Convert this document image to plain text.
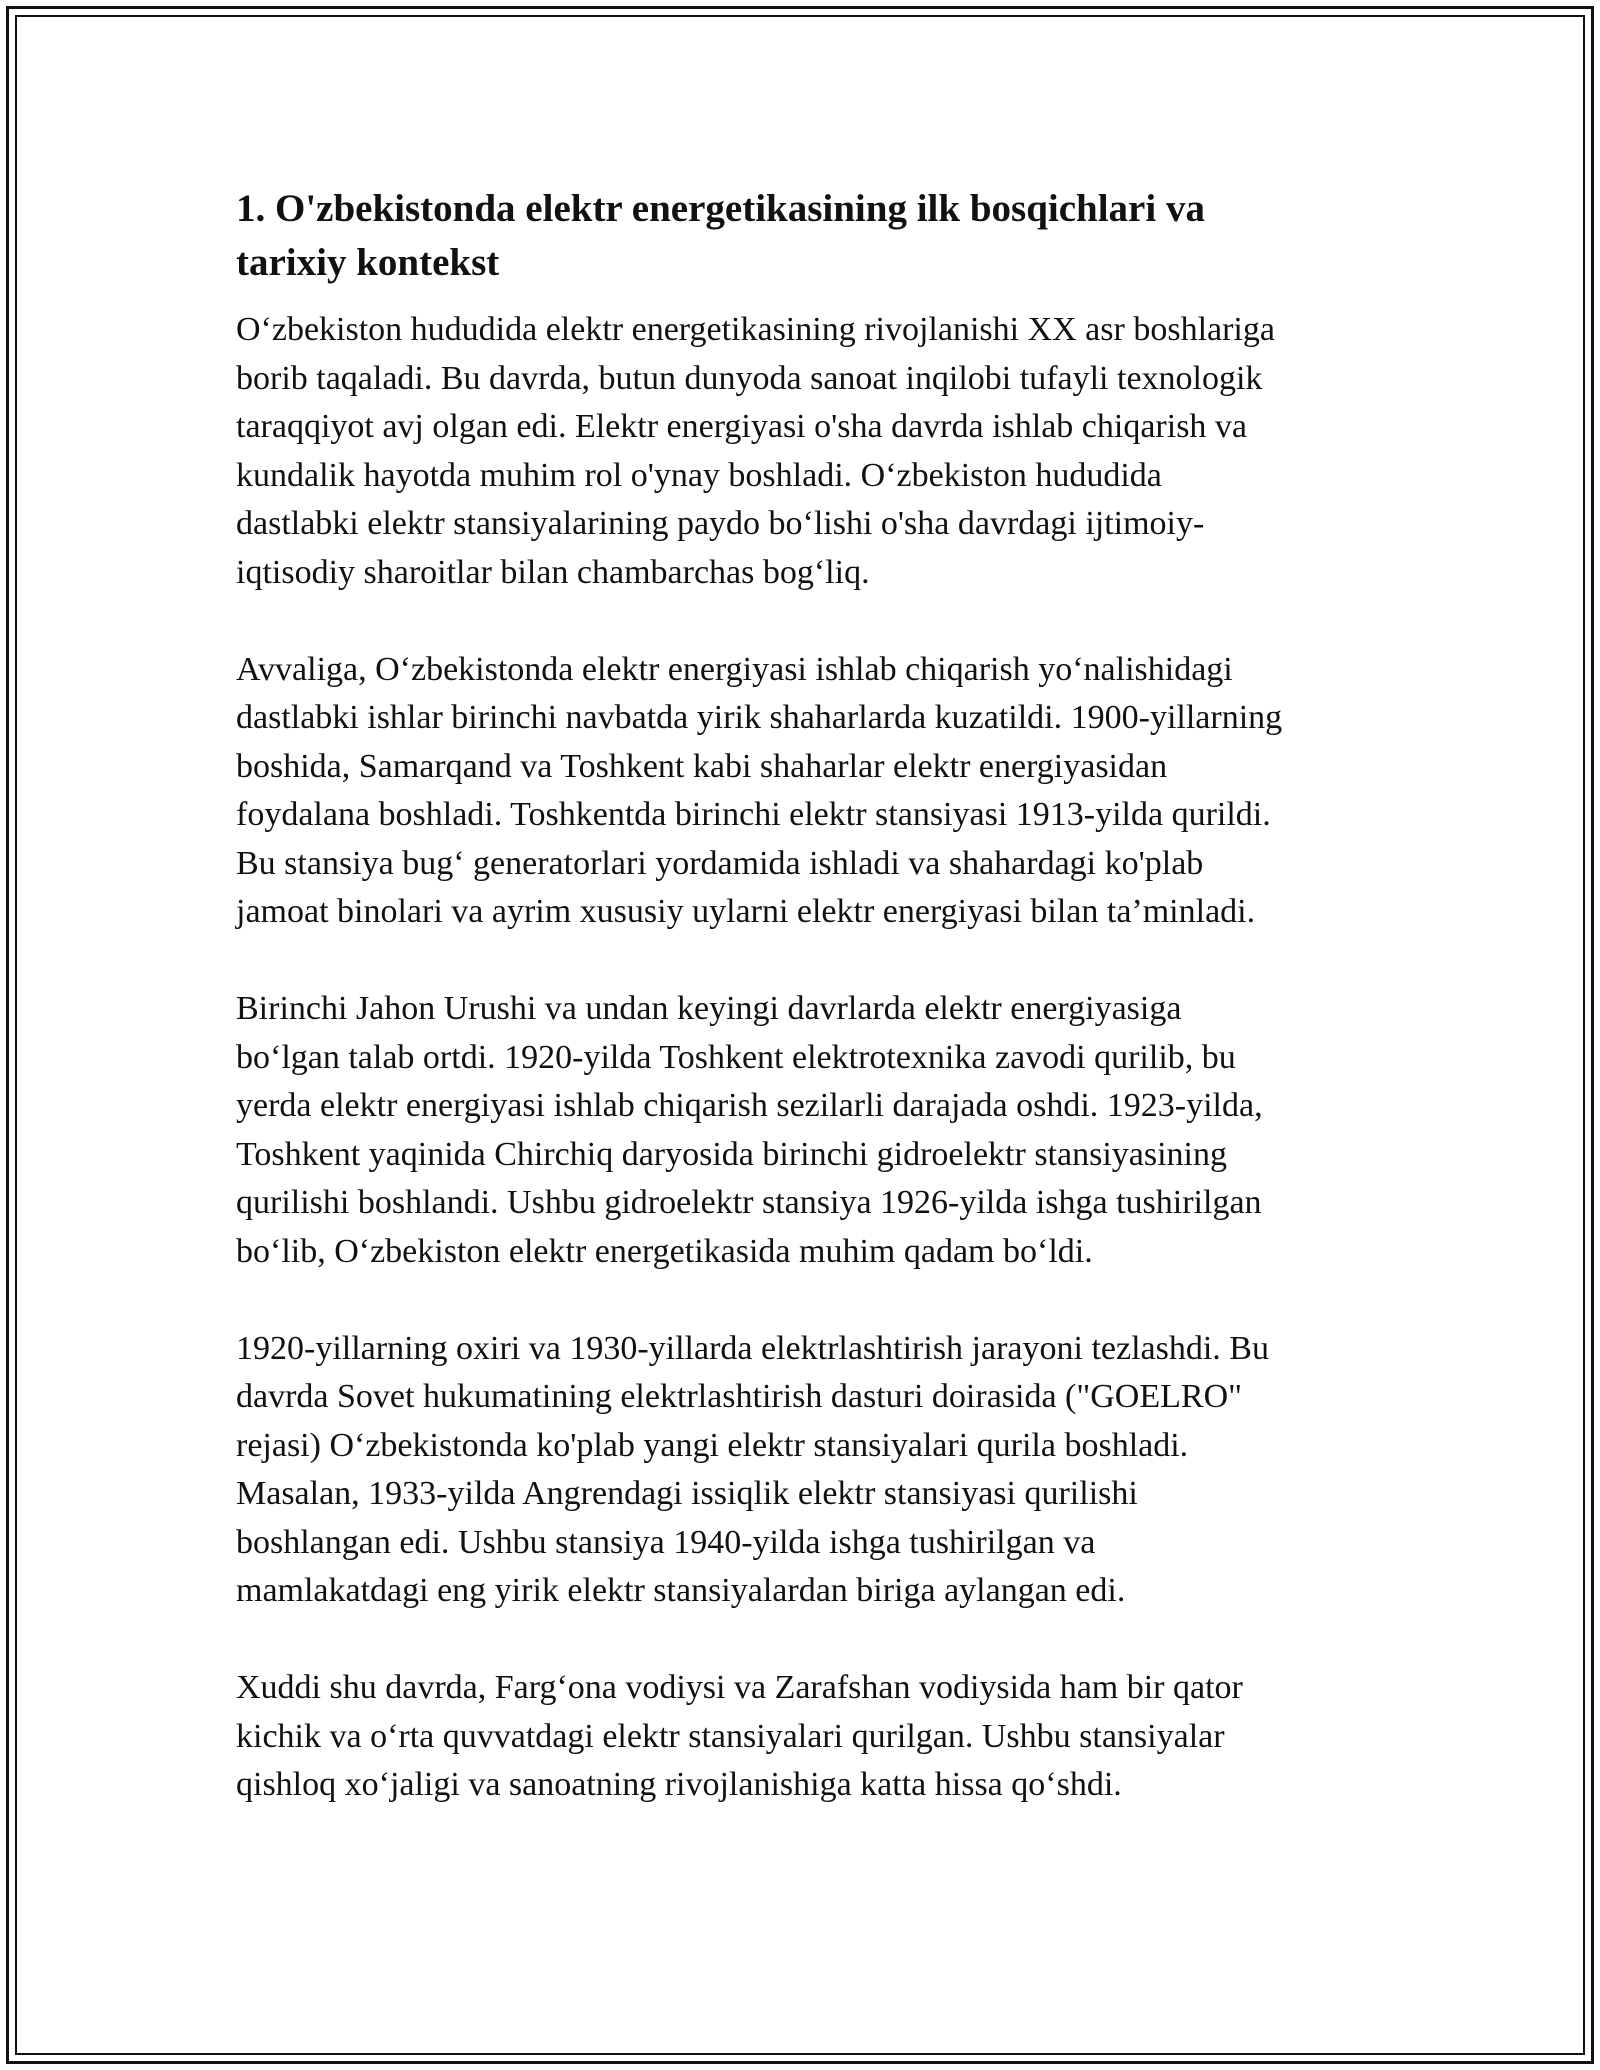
1. O'zbekistonda elektr energetikasining ilk bosqichlari va
tarixiy kontekst

O‘zbekiston hududida elektr energetikasining rivojlanishi XX asr boshlariga
borib taqaladi. Bu davrda, butun dunyoda sanoat inqilobi tufayli texnologik
taraqqiyot avj olgan edi. Elektr energiyasi o'sha davrda ishlab chiqarish va
kundalik hayotda muhim rol o'ynay boshladi. O‘zbekiston hududida
dastlabki elektr stansiyalarining paydo bo‘lishi o'sha davrdagi ijtimoiy-
iqtisodiy sharoitlar bilan chambarchas bog‘liq.

Avvaliga, O‘zbekistonda elektr energiyasi ishlab chiqarish yo‘nalishidagi
dastlabki ishlar birinchi navbatda yirik shaharlarda kuzatildi. 1900-yillarning
boshida, Samarqand va Toshkent kabi shaharlar elektr energiyasidan
foydalana boshladi. Toshkentda birinchi elektr stansiyasi 1913-yilda qurildi.
Bu stansiya bug‘ generatorlari yordamida ishladi va shahardagi ko'plab
jamoat binolari va ayrim xususiy uylarni elektr energiyasi bilan ta’minladi.

Birinchi Jahon Urushi va undan keyingi davrlarda elektr energiyasiga
bo‘lgan talab ortdi. 1920-yilda Toshkent elektrotexnika zavodi qurilib, bu
yerda elektr energiyasi ishlab chiqarish sezilarli darajada oshdi. 1923-yilda,
Toshkent yaqinida Chirchiq daryosida birinchi gidroelektr stansiyasining
qurilishi boshlandi. Ushbu gidroelektr stansiya 1926-yilda ishga tushirilgan
bo‘lib, O‘zbekiston elektr energetikasida muhim qadam bo‘ldi.

1920-yillarning oxiri va 1930-yillarda elektrlashtirish jarayoni tezlashdi. Bu
davrda Sovet hukumatining elektrlashtirish dasturi doirasida ("GOELRO"
rejasi) O‘zbekistonda ko'plab yangi elektr stansiyalari qurila boshladi.
Masalan, 1933-yilda Angrendagi issiqlik elektr stansiyasi qurilishi
boshlangan edi. Ushbu stansiya 1940-yilda ishga tushirilgan va
mamlakatdagi eng yirik elektr stansiyalardan biriga aylangan edi.

Xuddi shu davrda, Farg‘ona vodiysi va Zarafshan vodiysida ham bir qator
kichik va o‘rta quvvatdagi elektr stansiyalari qurilgan. Ushbu stansiyalar
qishloq xo‘jaligi va sanoatning rivojlanishiga katta hissa qo‘shdi.
